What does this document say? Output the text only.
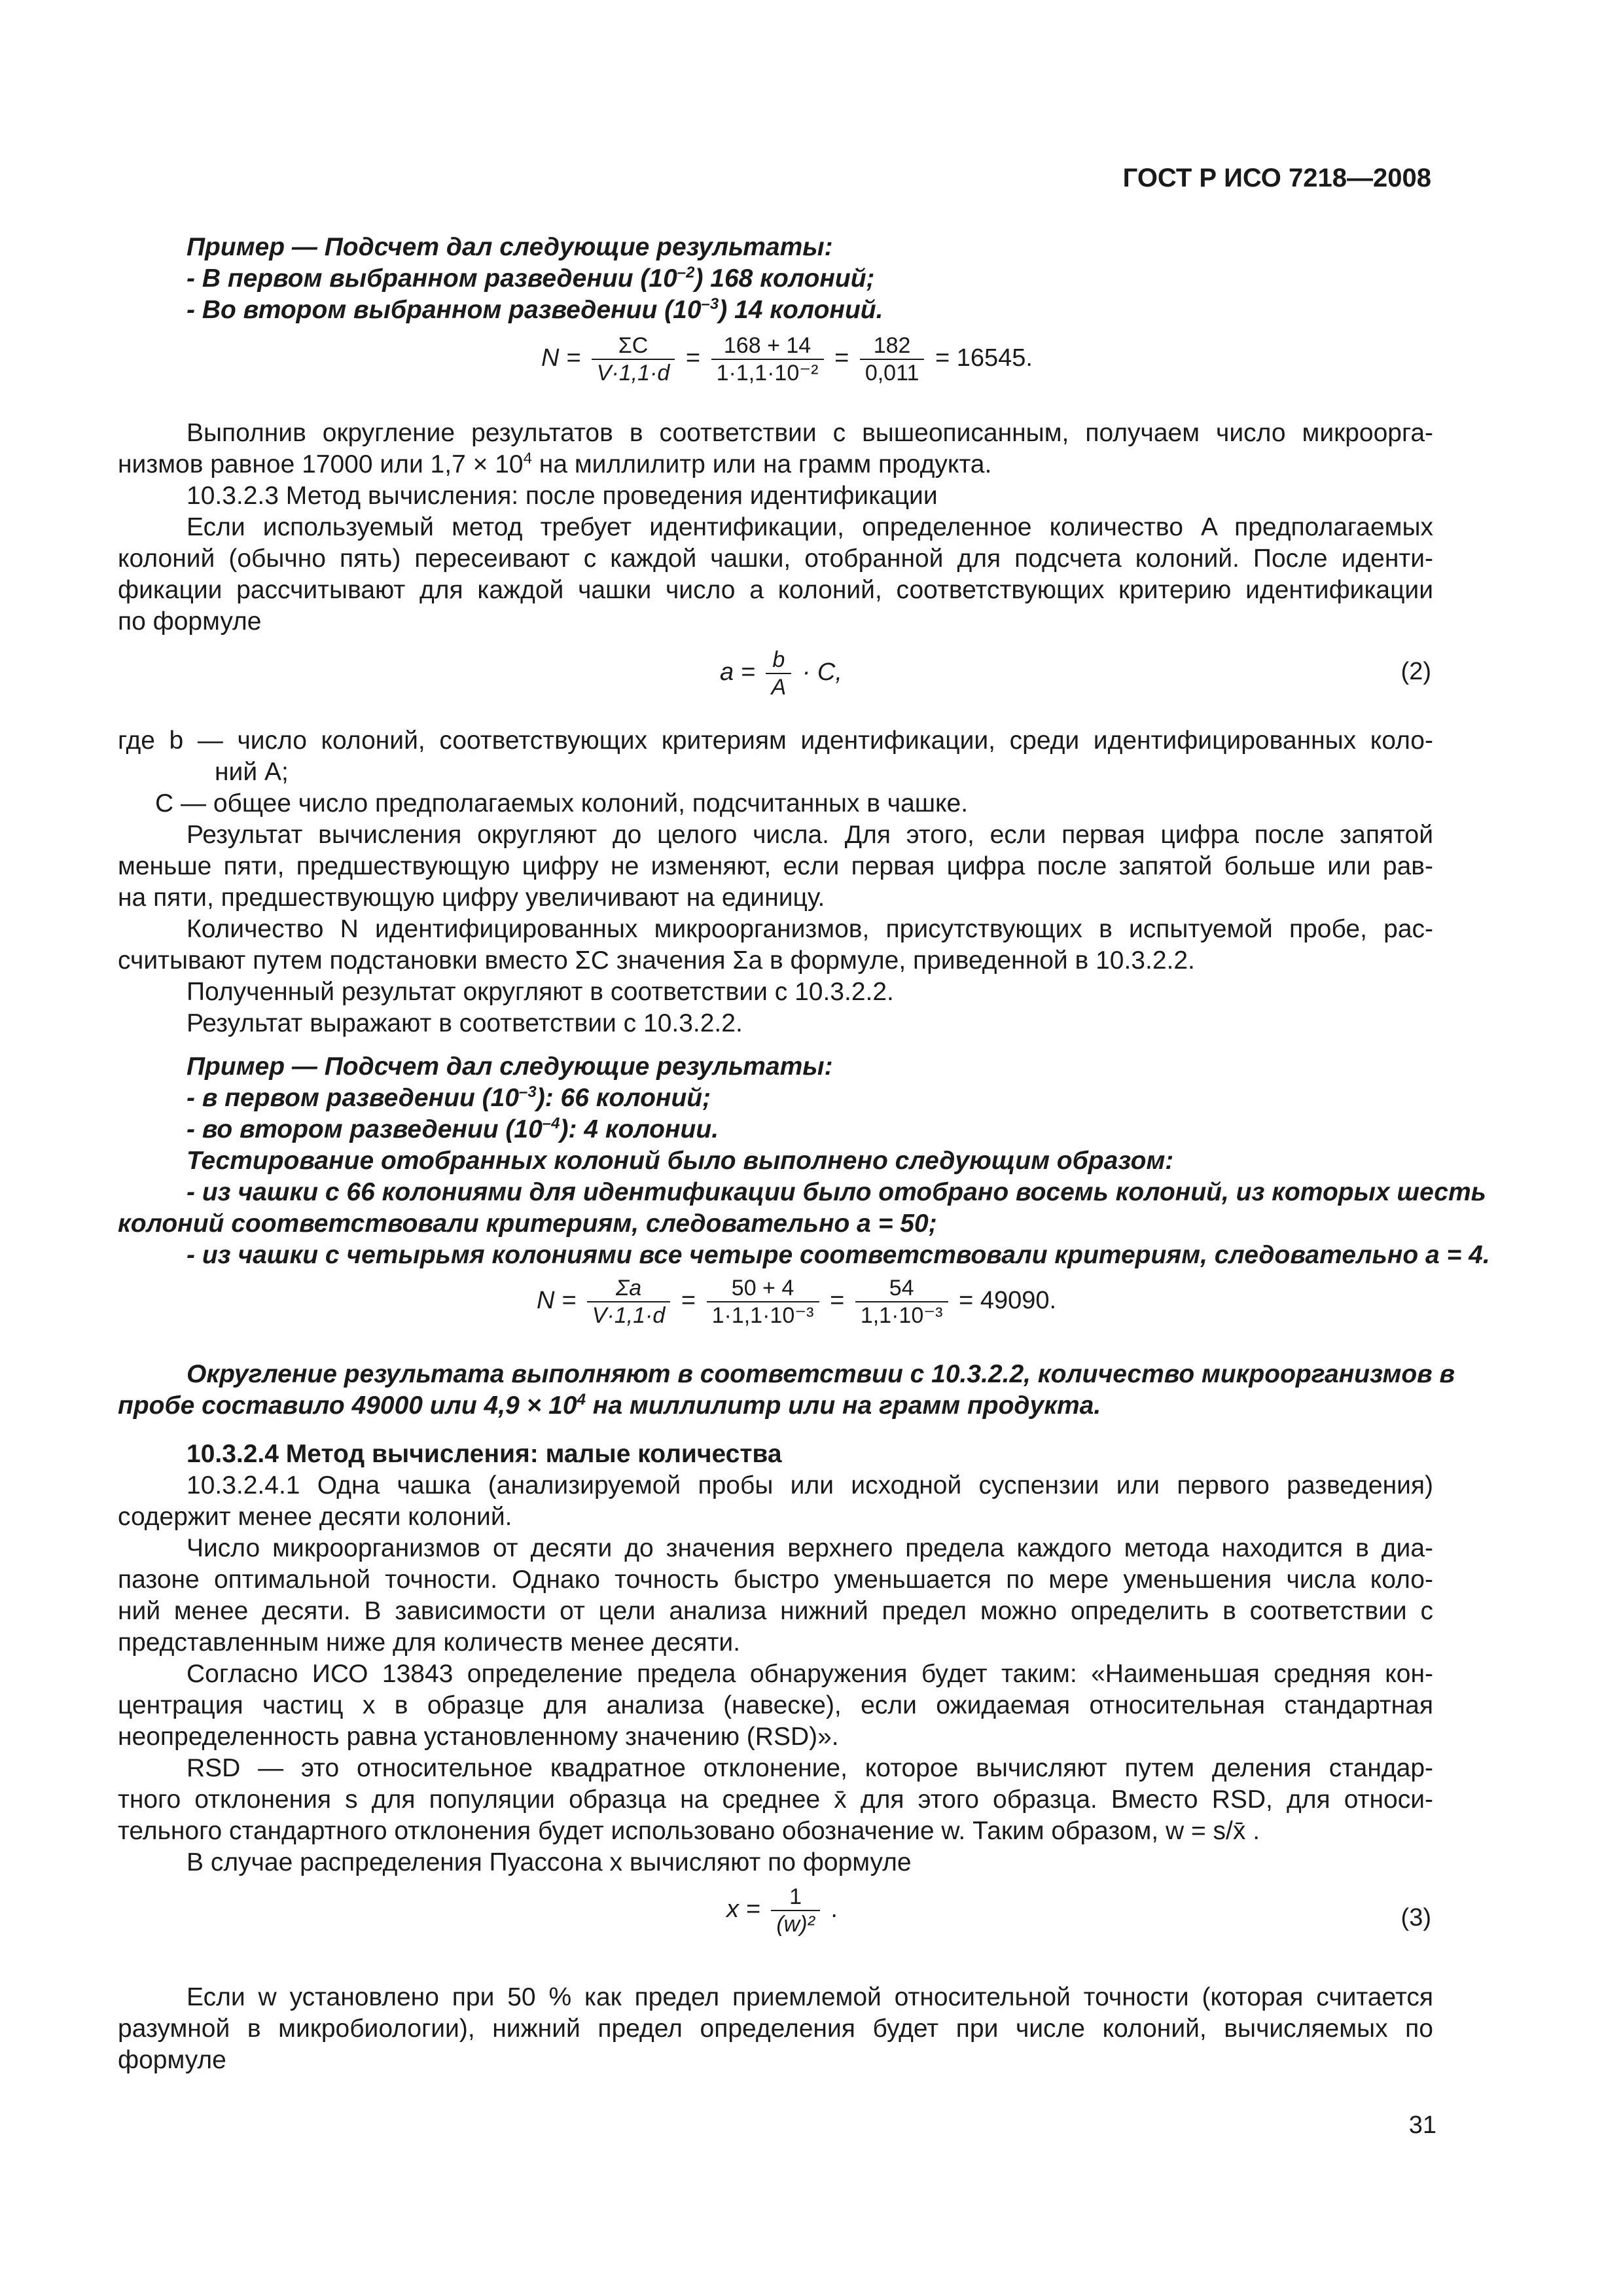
ГОСТ Р ИСО 7218—2008
Пример — Подсчет дал следующие результаты:
- В первом выбранном разведении $(10^{-2})$ 168 колоний;
- Во втором выбранном разведении $(10^{-3})$ 14 колоний.
$N = \frac{\Sigma C}{V\cdot 1,1\cdot d} = \frac{168 + 14}{\text{1·1,1·10⁻²}} = \frac{182}{0,011} = 16545$.
Выполнив округление результатов в соответствии с вышеописанным, получаем число микроорга-
низмов равное 17000 или $1,7 \times 10^4$ на миллилитр или на грамм продукта.
10.3.2.3 Метод вычисления: после проведения идентификации
Если используемый метод требует идентификации, определенное количество A предполагаемых
колоний (обычно пять) пересеивают с каждой чашки, отобранной для подсчета колоний. После иденти-
фикации рассчитывают для каждой чашки число a колоний, соответствующих критерию идентификации
по формуле
$a = \frac{b}{A} \cdot C$,	(2)
где b — число колоний, соответствующих критериям идентификации, среди идентифицированных коло-
ний A;
C — общее число предполагаемых колоний, подсчитанных в чашке.
Результат вычисления округляют до целого числа. Для этого, если первая цифра после запятой
меньше пяти, предшествующую цифру не изменяют, если первая цифра после запятой больше или рав-
на пяти, предшествующую цифру увеличивают на единицу.
Количество N идентифицированных микроорганизмов, присутствующих в испытуемой пробе, рас-
считывают путем подстановки вместо ΣC значения Σa в формуле, приведенной в 10.3.2.2.
Полученный результат округляют в соответствии с 10.3.2.2.
Результат выражают в соответствии с 10.3.2.2.
Пример — Подсчет дал следующие результаты:
- в первом разведении $(10^{-3})$: 66 колоний;
- во втором разведении $(10^{-4})$: 4 колонии.
Тестирование отобранных колоний было выполнено следующим образом:
- из чашки с 66 колониями для идентификации было отобрано восемь колоний, из которых шесть
колоний соответствовали критериям, следовательно a = 50;
- из чашки с четырьмя колониями все четыре соответствовали критериям, следовательно a = 4.
$N = \frac{\Sigma a}{V\cdot 1,1\cdot d} = \frac{50 + 4}{\text{1·1,1·10⁻³}} = \frac{54}{\text{1,1·10⁻³}} = 49090$.
Округление результата выполняют в соответствии с 10.3.2.2, количество микроорганизмов в
пробе составило 49000 или $4,9 \times 10^4$ на миллилитр или на грамм продукта.
10.3.2.4 Метод вычисления: малые количества
10.3.2.4.1 Одна чашка (анализируемой пробы или исходной суспензии или первого разведения)
содержит менее десяти колоний.
Число микроорганизмов от десяти до значения верхнего предела каждого метода находится в диа-
пазоне оптимальной точности. Однако точность быстро уменьшается по мере уменьшения числа коло-
ний менее десяти. В зависимости от цели анализа нижний предел можно определить в соответствии с
представленным ниже для количеств менее десяти.
Согласно ИСО 13843 определение предела обнаружения будет таким: «Наименьшая средняя кон-
центрация частиц x в образце для анализа (навеске), если ожидаемая относительная стандартная
неопределенность равна установленному значению (RSD)».
RSD — это относительное квадратное отклонение, которое вычисляют путем деления стандар-
тного отклонения s для популяции образца на среднее x̄ для этого образца. Вместо RSD, для относи-
тельного стандартного отклонения будет использовано обозначение w. Таким образом, w = s/x̄ .
В случае распределения Пуассона x вычисляют по формуле
$x = \frac{1}{\text{(w)²}}$ .	(3)
Если w установлено при 50 % как предел приемлемой относительной точности (которая считается
разумной в микробиологии), нижний предел определения будет при числе колоний, вычисляемых по
формуле
31
